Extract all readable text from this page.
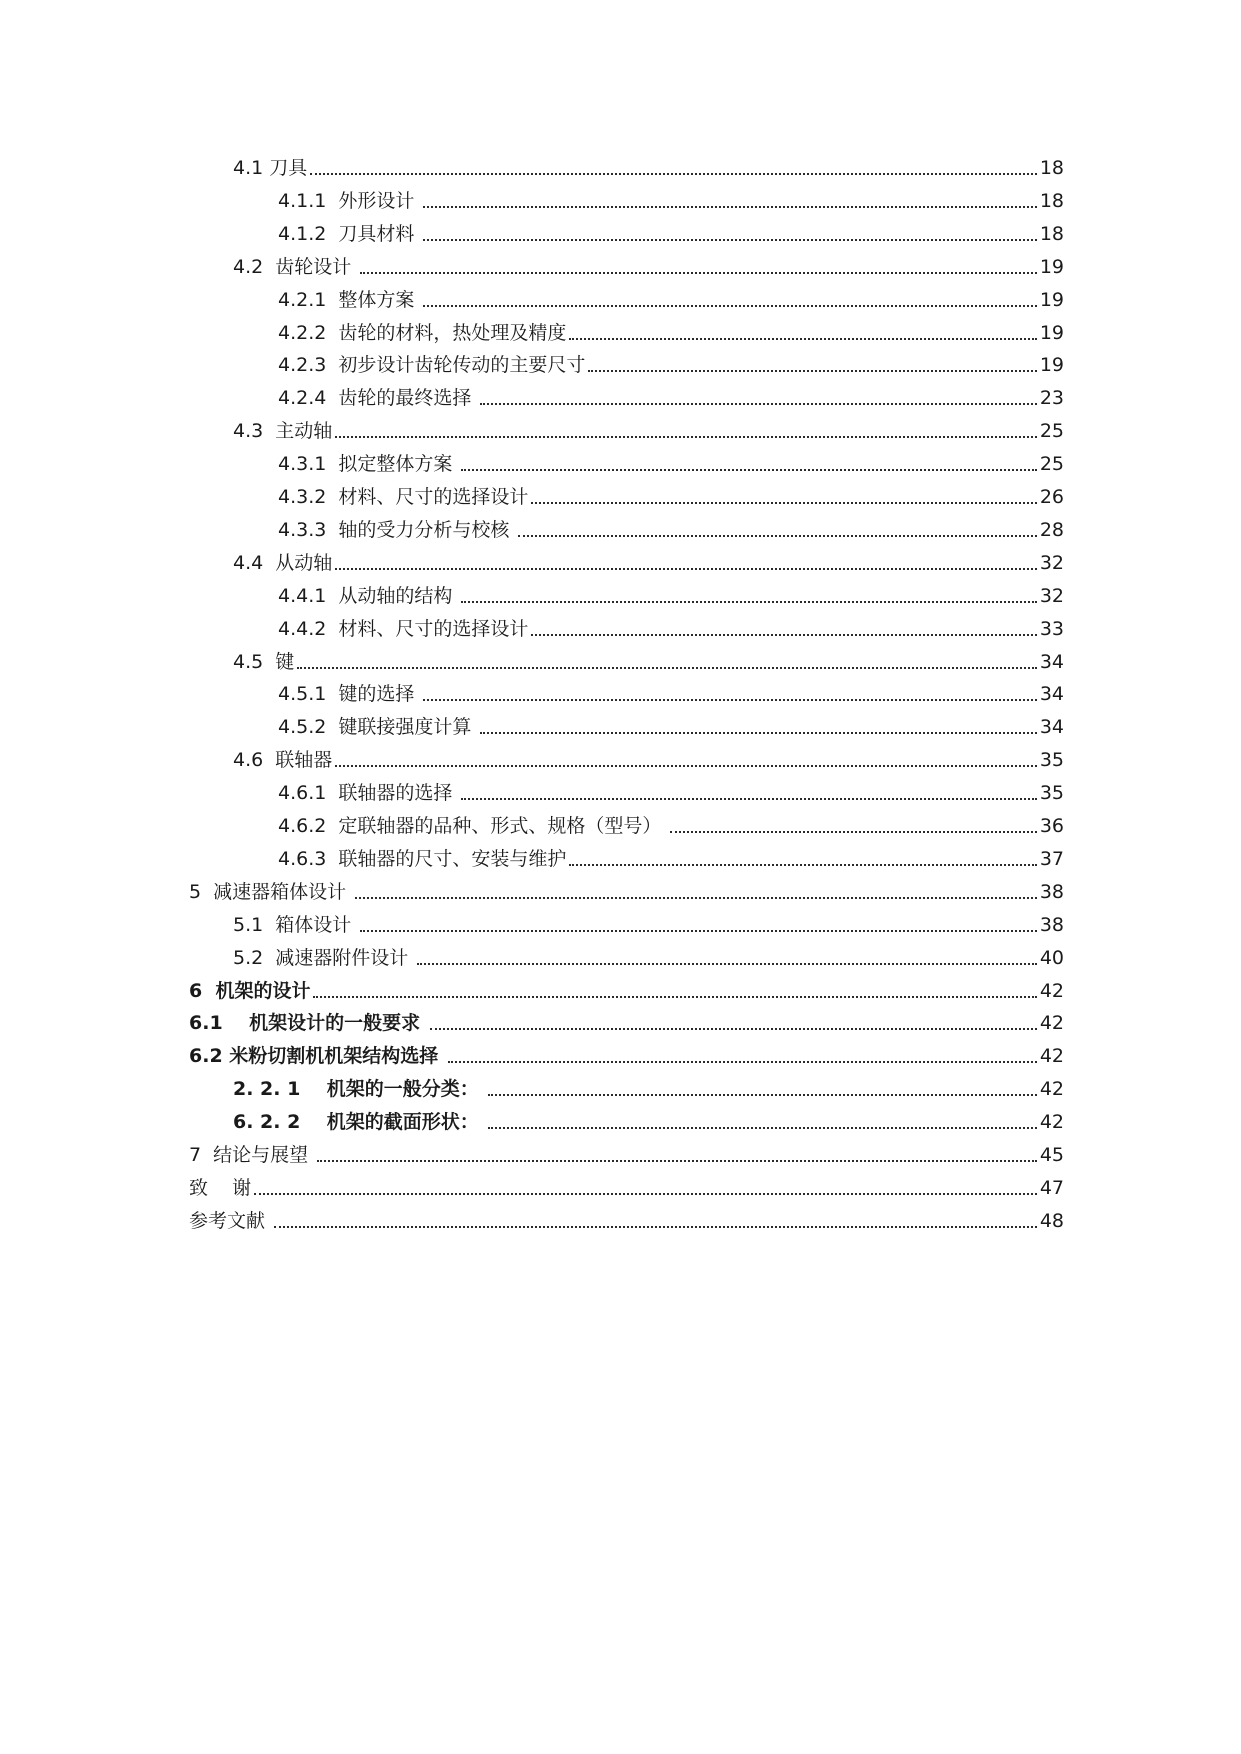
4.1 刀具	18
4.1.1  外形设计	18
4.1.2  刀具材料	18
4.2  齿轮设计	19
4.2.1  整体方案	19
4.2.2  齿轮的材料，热处理及精度	19
4.2.3  初步设计齿轮传动的主要尺寸	19
4.2.4  齿轮的最终选择	23
4.3  主动轴	25
4.3.1  拟定整体方案	25
4.3.2  材料、尺寸的选择设计	26
4.3.3  轴的受力分析与校核	28
4.4  从动轴	32
4.4.1  从动轴的结构	32
4.4.2  材料、尺寸的选择设计	33
4.5  键	34
4.5.1  键的选择	34
4.5.2  键联接强度计算	34
4.6  联轴器	35
4.6.1  联轴器的选择	35
4.6.2  定联轴器的品种、形式、规格（型号）	36
4.6.3  联轴器的尺寸、安装与维护	37
5  减速器箱体设计	38
5.1  箱体设计	38
5.2  减速器附件设计	40
6  机架的设计	42
6.1    机架设计的一般要求	42
6.2 米粉切割机机架结构选择	42
2. 2. 1    机架的一般分类：	42
6. 2. 2    机架的截面形状：	42
7  结论与展望	45
致    谢	47
参考文献	48
